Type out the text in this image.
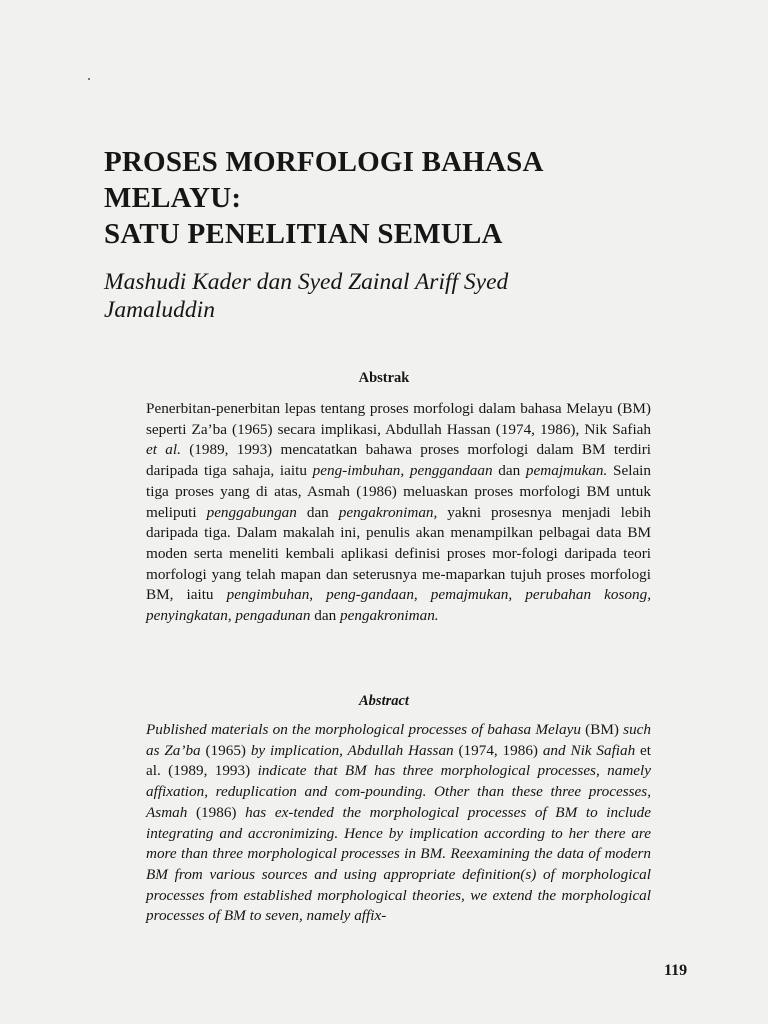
PROSES MORFOLOGI BAHASA
MELAYU:
SATU PENELITIAN SEMULA
Mashudi Kader dan Syed Zainal Ariff Syed
Jamaluddin
Abstrak

Penerbitan-penerbitan lepas tentang proses morfologi dalam bahasa Melayu (BM) seperti Za’ba (1965) secara implikasi, Abdullah Hassan (1974, 1986), Nik Safiah et al. (1989, 1993) mencatatkan bahawa proses morfologi dalam BM terdiri daripada tiga sahaja, iaitu peng-imbuhan, penggandaan dan pemajmukan. Selain tiga proses yang di atas, Asmah (1986) meluaskan proses morfologi BM untuk meliputi penggabungan dan pengakroniman, yakni prosesnya menjadi lebih daripada tiga. Dalam makalah ini, penulis akan menampilkan pelbagai data BM moden serta meneliti kembali aplikasi definisi proses mor-fologi daripada teori morfologi yang telah mapan dan seterusnya me-maparkan tujuh proses morfologi BM, iaitu pengimbuhan, peng-gandaan, pemajmukan, perubahan kosong, penyingkatan, pengadunan dan pengakroniman.

Abstract

Published materials on the morphological processes of bahasa Melayu (BM) such as Za’ba (1965) by implication, Abdullah Hassan (1974, 1986) and Nik Safiah et al. (1989, 1993) indicate that BM has three morphological processes, namely affixation, reduplication and com-pounding. Other than these three processes, Asmah (1986) has ex-tended the morphological processes of BM to include integrating and accronimizing. Hence by implication according to her there are more than three morphological processes in BM. Reexamining the data of modern BM from various sources and using appropriate definition(s) of morphological processes from established morphological theories, we extend the morphological processes of BM to seven, namely affix-

119
